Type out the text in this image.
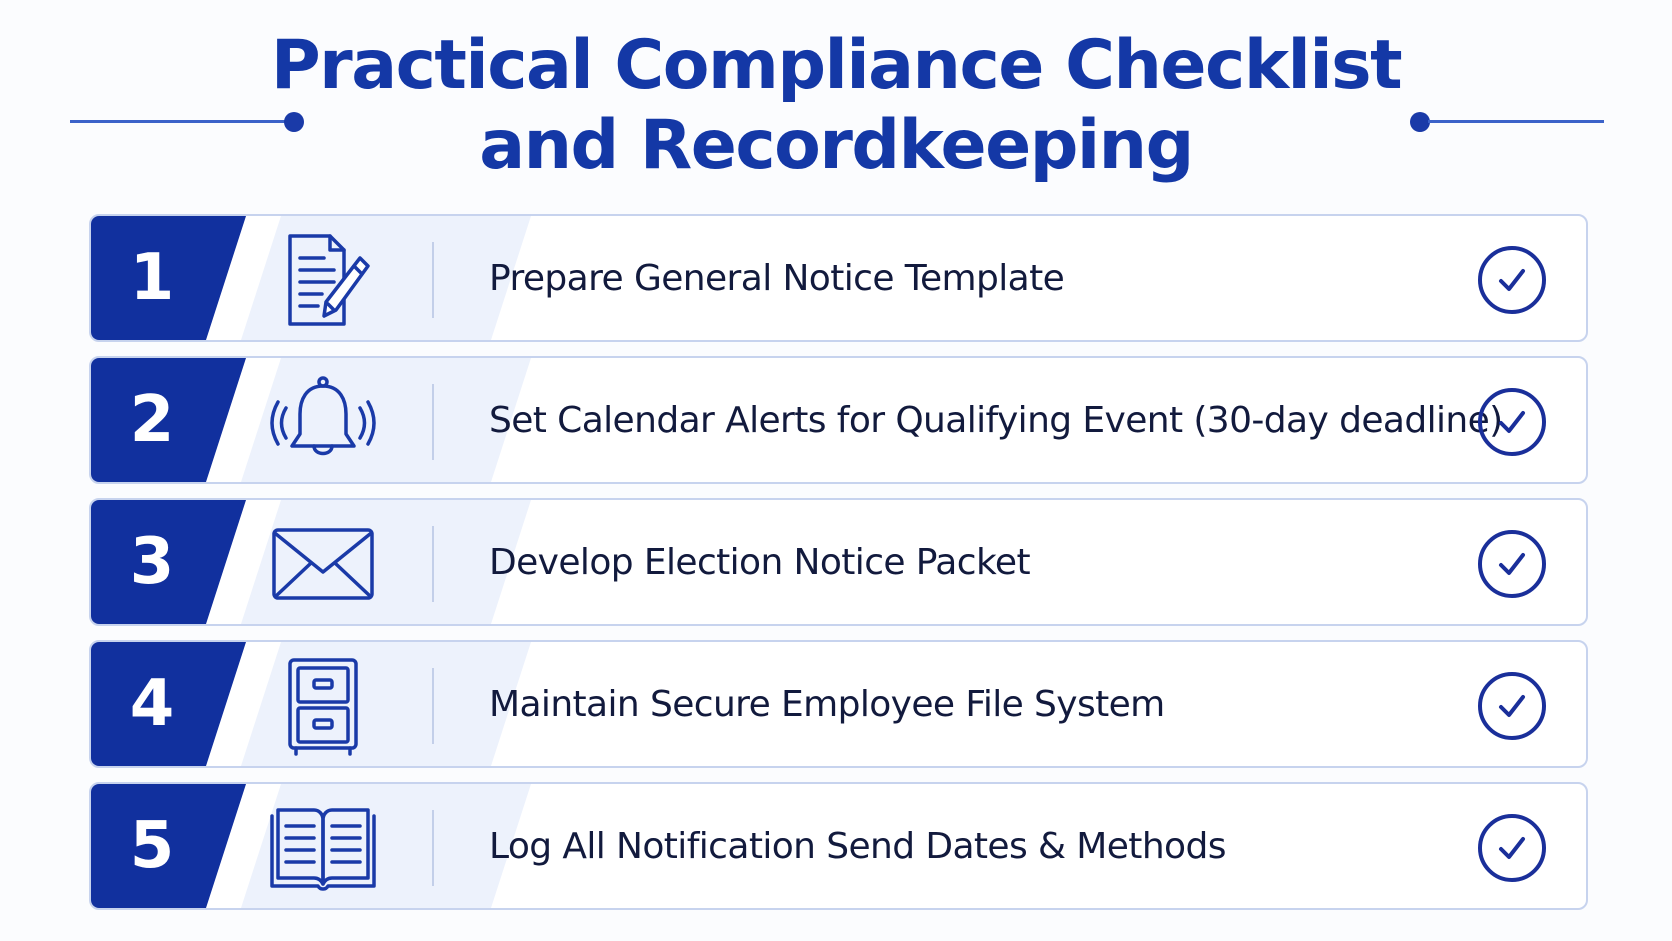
Practical Compliance Checklist
and Recordkeeping
1	Prepare General Notice Template
2	Set Calendar Alerts for Qualifying Event (30-day deadline)
3	Develop Election Notice Packet
4	Maintain Secure Employee File System
5	Log All Notification Send Dates & Methods
